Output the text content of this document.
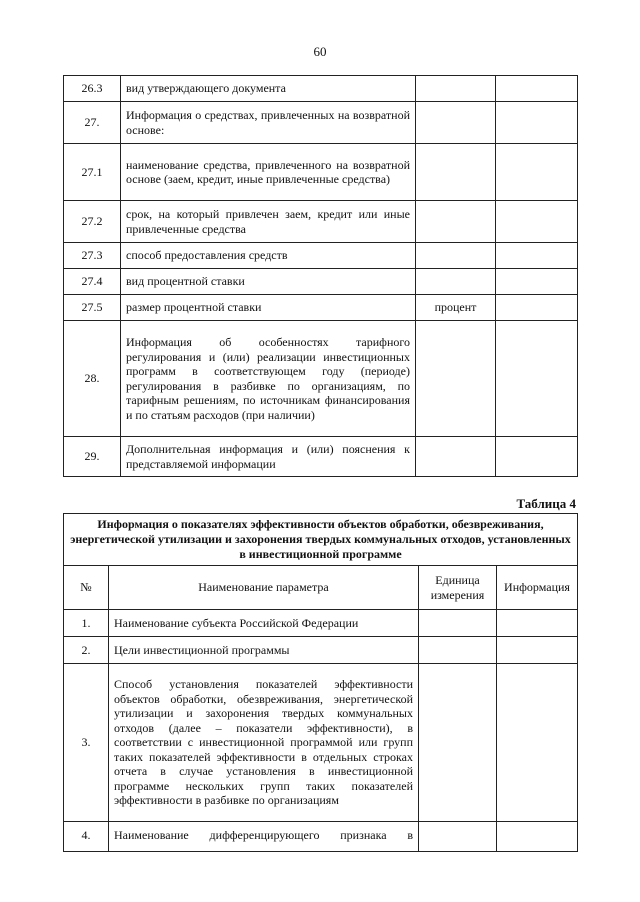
60
26.3	вид утверждающего документа		
27.	Информация о средствах, привлеченных на возвратной основе:		
27.1	наименование средства, привлеченного на возвратной основе (заем, кредит, иные привлеченные средства)		
27.2	срок, на который привлечен заем, кредит или иные привлеченные средства		
27.3	способ предоставления средств		
27.4	вид процентной ставки		
27.5	размер процентной ставки	процент	
28.	Информация об особенностях тарифного регулирования и (или) реализации инвестиционных программ в соответствующем году (периоде) регулирования в разбивке по организациям, по тарифным решениям, по источникам финансирования и по статьям расходов (при наличии)		
29.	Дополнительная информация и (или) пояснения к представляемой информации		
Таблица 4
Информация о показателях эффективности объектов обработки, обезвреживания, энергетической утилизации и захоронения твердых коммунальных отходов, установленных в инвестиционной программе			
№	Наименование параметра	Единица измерения	Информация
1.	Наименование субъекта Российской Федерации		
2.	Цели инвестиционной программы		
3.	Способ установления показателей эффективности объектов обработки, обезвреживания, энергетической утилизации и захоронения твердых коммунальных отходов (далее – показатели эффективности), в соответствии с инвестиционной программой или групп таких показателей эффективности в отдельных строках отчета в случае установления в инвестиционной программе нескольких групп таких показателей эффективности в разбивке по организациям		
4.	Наименование дифференцирующего признака в		
